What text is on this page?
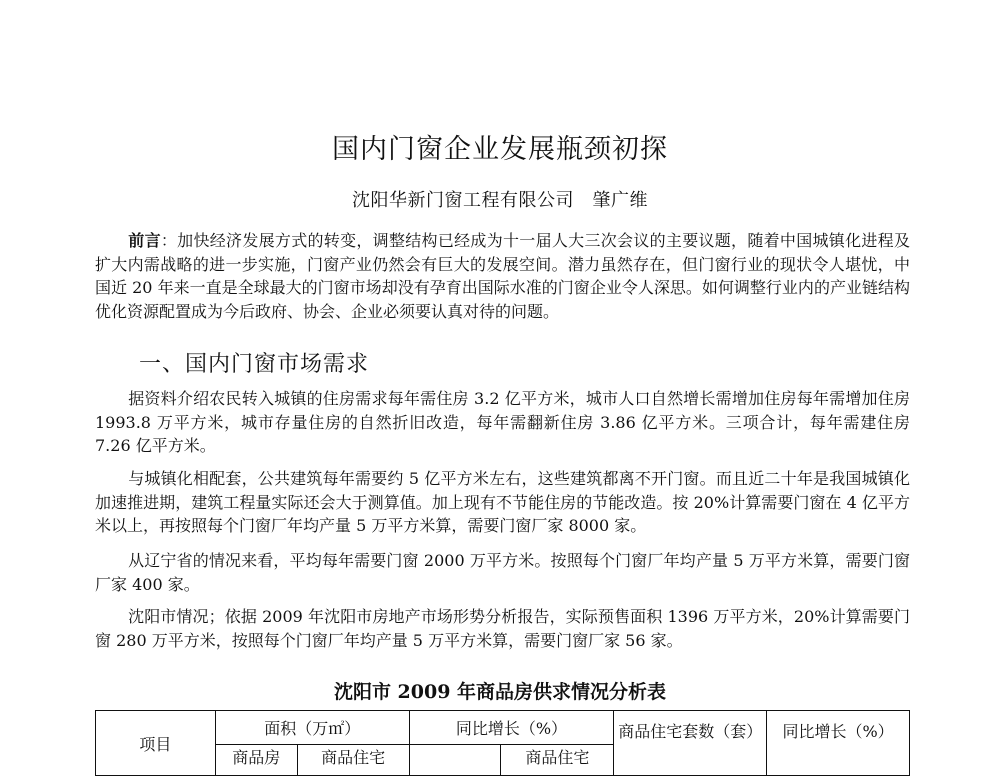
国内门窗企业发展瓶颈初探
沈阳华新门窗工程有限公司　肇广维

前言：加快经济发展方式的转变，调整结构已经成为十一届人大三次会议的主要议题，随着中国城镇化进程及扩大内需战略的进一步实施，门窗产业仍然会有巨大的发展空间。潜力虽然存在，但门窗行业的现状令人堪忧，中国近 20 年来一直是全球最大的门窗市场却没有孕育出国际水准的门窗企业令人深思。如何调整行业内的产业链结构优化资源配置成为今后政府、协会、企业必须要认真对待的问题。

一、国内门窗市场需求

据资料介绍农民转入城镇的住房需求每年需住房 3.2 亿平方米，城市人口自然增长需增加住房每年需增加住房 1993.8 万平方米，城市存量住房的自然折旧改造，每年需翻新住房 3.86 亿平方米。三项合计，每年需建住房 7.26 亿平方米。

与城镇化相配套，公共建筑每年需要约 5 亿平方米左右，这些建筑都离不开门窗。而且近二十年是我国城镇化加速推进期，建筑工程量实际还会大于测算值。加上现有不节能住房的节能改造。按 20%计算需要门窗在 4 亿平方米以上，再按照每个门窗厂年均产量 5 万平方米算，需要门窗厂家 8000 家。

从辽宁省的情况来看，平均每年需要门窗 2000 万平方米。按照每个门窗厂年均产量 5 万平方米算，需要门窗厂家 400 家。

沈阳市情况；依据 2009 年沈阳市房地产市场形势分析报告，实际预售面积 1396 万平方米，20%计算需要门窗 280 万平方米，按照每个门窗厂年均产量 5 万平方米算，需要门窗厂家 56 家。

沈阳市 2009 年商品房供求情况分析表
项目	面积（万㎡）		同比增长（%）		商品住宅套数（套）	同比增长（%）
	商品房	商品住宅		商品住宅		
